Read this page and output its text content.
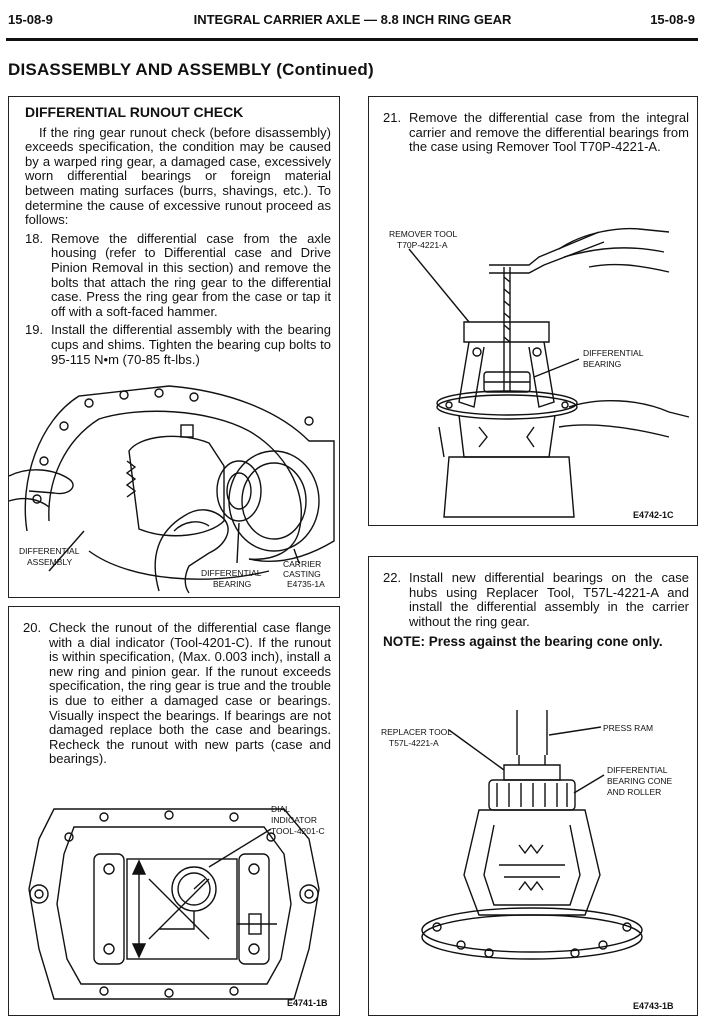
15-08-9	INTEGRAL CARRIER AXLE — 8.8 INCH RING GEAR	15-08-9
DISASSEMBLY AND ASSEMBLY (Continued)
DIFFERENTIAL RUNOUT CHECK
If the ring gear runout check (before disassembly) exceeds specification, the condition may be caused by a warped ring gear, a damaged case, excessively worn differential bearings or foreign material between mating surfaces (burrs, shavings, etc.). To determine the cause of excessive runout proceed as follows:
18. Remove the differential case from the axle housing (refer to Differential case and Drive Pinion Removal in this section) and remove the bolts that attach the ring gear to the differential case. Press the ring gear from the case or tap it off with a soft-faced hammer.
19. Install the differential assembly with the bearing cups and shims. Tighten the bearing cup bolts to 95-115 N•m (70-85 ft-lbs.)
DIFFERENTIAL
ASSEMBLY
DIFFERENTIAL
BEARING
CARRIER
CASTING
E4735-1A
20. Check the runout of the differential case flange with a dial indicator (Tool-4201-C). If the runout is within specification, (Max. 0.003 inch), install a new ring and pinion gear. If the runout exceeds specification, the ring gear is true and the trouble is due to either a damaged case or bearings. Visually inspect the bearings. If bearings are not damaged replace both the case and bearings. Recheck the runout with new parts (case and bearings).
DIAL
INDICATOR
TOOL-4201-C
E4741-1B
21. Remove the differential case from the integral carrier and remove the differential bearings from the case using Remover Tool T70P-4221-A.
REMOVER TOOL
T70P-4221-A
DIFFERENTIAL
BEARING
E4742-1C
22. Install new differential bearings on the case hubs using Replacer Tool, T57L-4221-A and install the differential assembly in the carrier without the ring gear.
NOTE: Press against the bearing cone only.
REPLACER TOOL
T57L-4221-A
PRESS RAM
DIFFERENTIAL
BEARING CONE
AND ROLLER
E4743-1B
